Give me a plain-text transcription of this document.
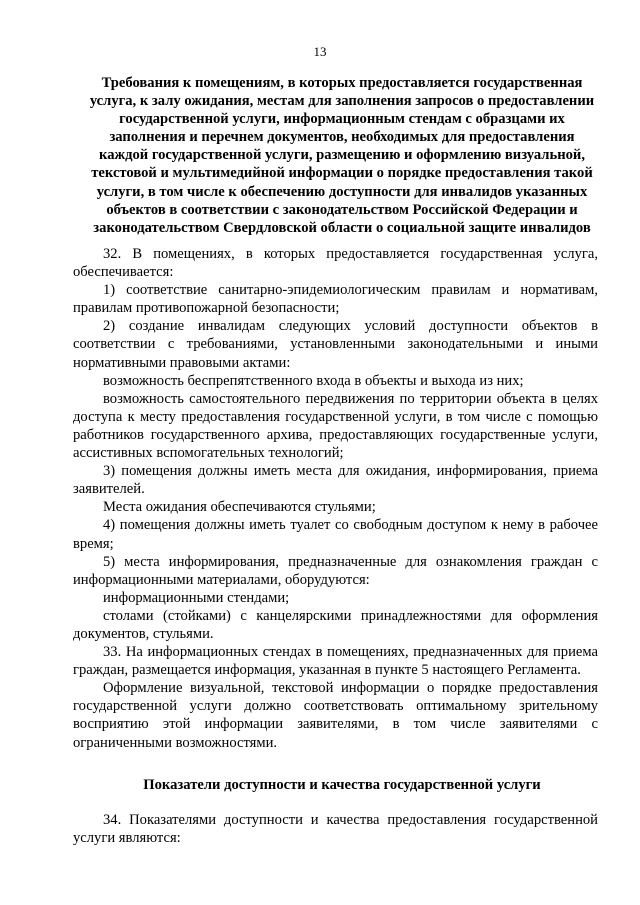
13
Требования к помещениям, в которых предоставляется государственная услуга, к залу ожидания, местам для заполнения запросов о предоставлении государственной услуги, информационным стендам с образцами их заполнения и перечнем документов, необходимых для предоставления каждой государственной услуги, размещению и оформлению визуальной, текстовой и мультимедийной информации о порядке предоставления такой услуги, в том числе к обеспечению доступности для инвалидов указанных объектов в соответствии с законодательством Российской Федерации и законодательством Свердловской области о социальной защите инвалидов

32. В помещениях, в которых предоставляется государственная услуга, обеспечивается:

1) соответствие санитарно-эпидемиологическим правилам и нормативам, правилам противопожарной безопасности;

2) создание инвалидам следующих условий доступности объектов в соответствии с требованиями, установленными законодательными и иными нормативными правовыми актами:

возможность беспрепятственного входа в объекты и выхода из них;

возможность самостоятельного передвижения по территории объекта в целях доступа к месту предоставления государственной услуги, в том числе с помощью работников государственного архива, предоставляющих государственные услуги, ассистивных вспомогательных технологий;

3) помещения должны иметь места для ожидания, информирования, приема заявителей.

Места ожидания обеспечиваются стульями;

4) помещения должны иметь туалет со свободным доступом к нему в рабочее время;

5) места информирования, предназначенные для ознакомления граждан с информационными материалами, оборудуются:

информационными стендами;

столами (стойками) с канцелярскими принадлежностями для оформления документов, стульями.

33. На информационных стендах в помещениях, предназначенных для приема граждан, размещается информация, указанная в пункте 5 настоящего Регламента.

Оформление визуальной, текстовой информации о порядке предоставления государственной услуги должно соответствовать оптимальному зрительному восприятию этой информации заявителями, в том числе заявителями с ограниченными возможностями.

Показатели доступности и качества государственной услуги

34. Показателями доступности и качества предоставления государственной услуги являются:
